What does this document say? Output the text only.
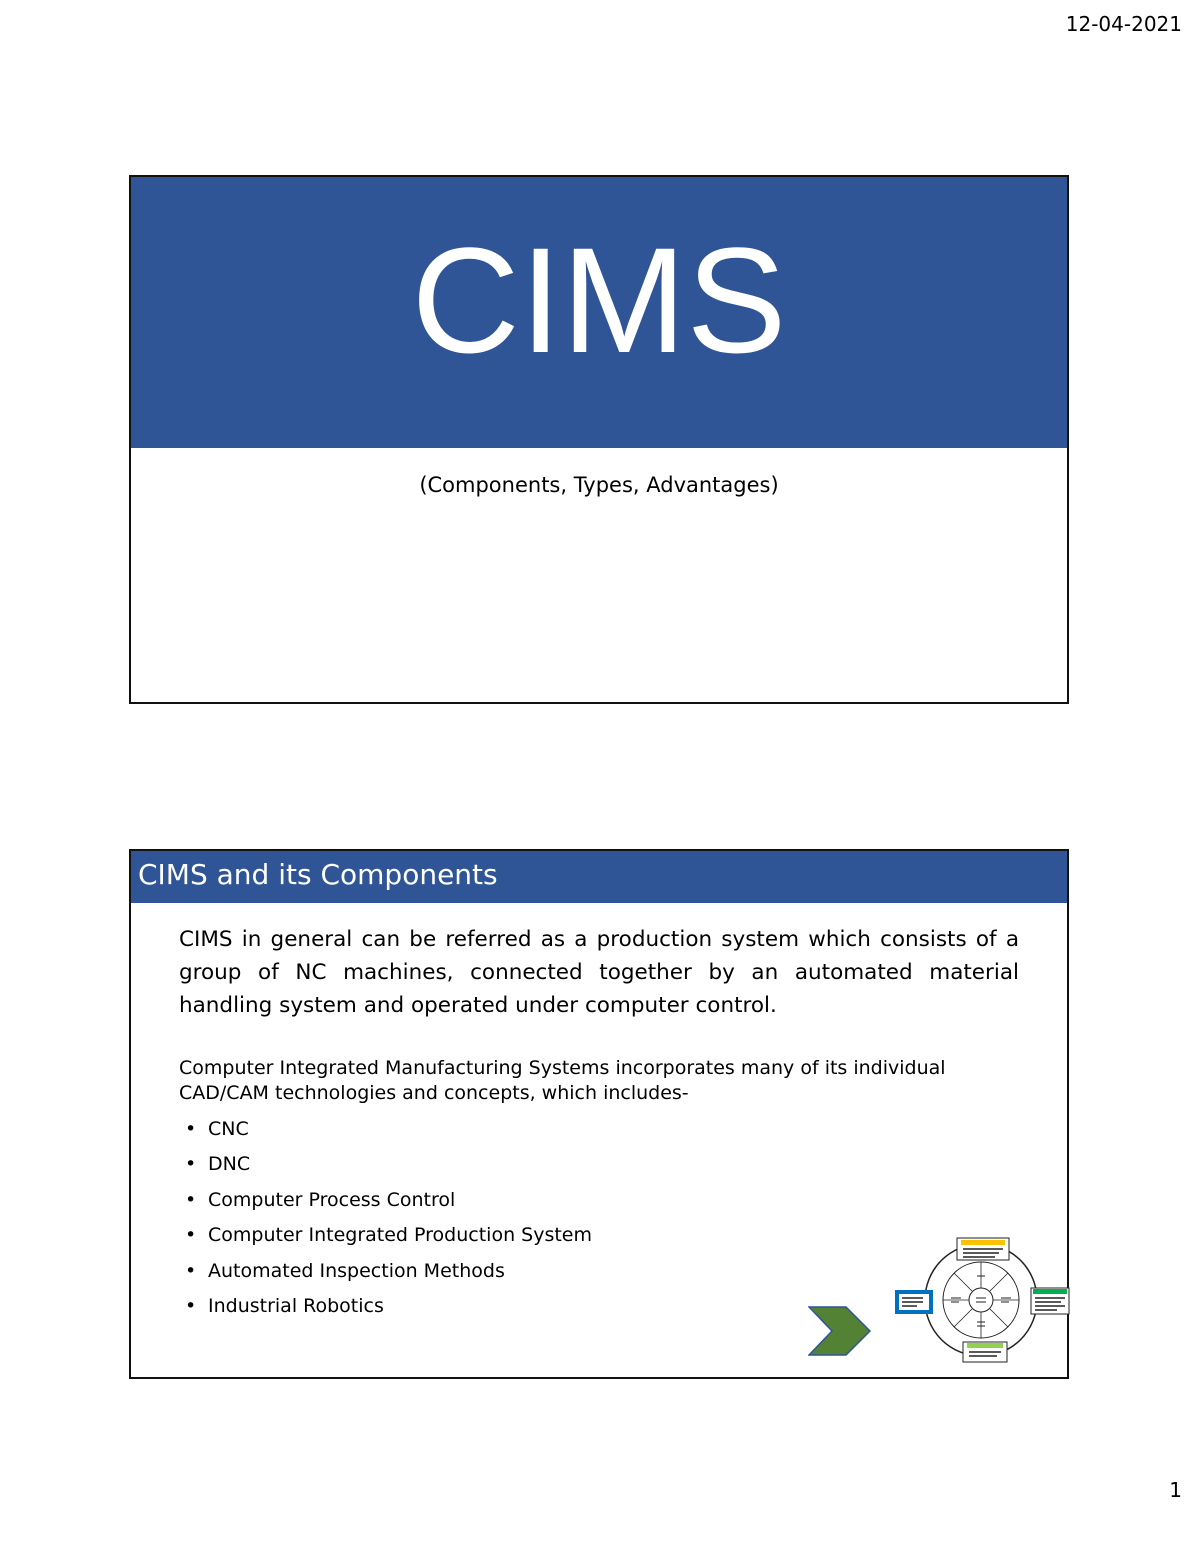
12-04-2021
CIMS
(Components, Types, Advantages)
CIMS and its Components
CIMS in general can be referred as a production system which consists of a group of NC machines, connected together by an automated material handling system and operated under computer control.
Computer Integrated Manufacturing Systems incorporates many of its individual CAD/CAM technologies and concepts, which includes-
• CNC
• DNC
• Computer Process Control
• Computer Integrated Production System
• Automated Inspection Methods
• Industrial Robotics
1
